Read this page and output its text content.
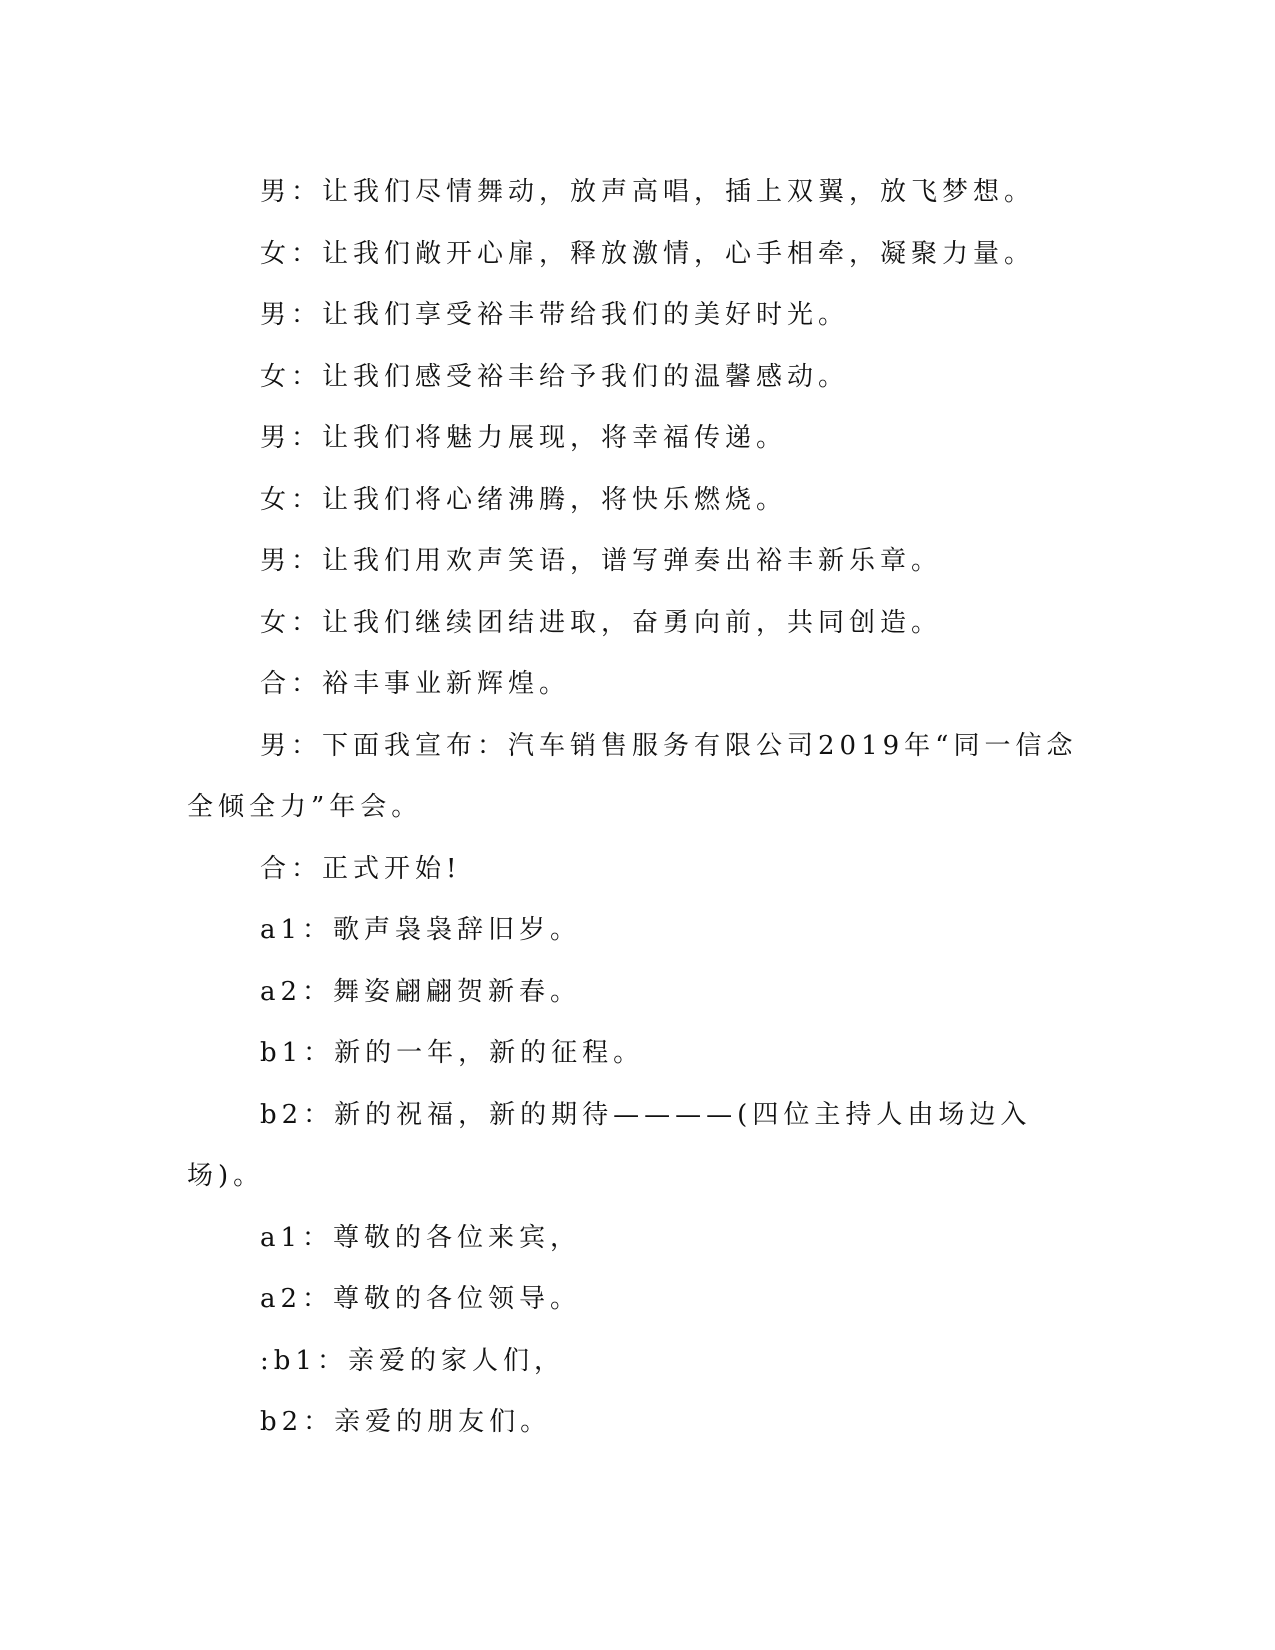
男：让我们尽情舞动，放声高唱，插上双翼，放飞梦想。

女：让我们敞开心扉，释放激情，心手相牵，凝聚力量。

男：让我们享受裕丰带给我们的美好时光。

女：让我们感受裕丰给予我们的温馨感动。

男：让我们将魅力展现，将幸福传递。

女：让我们将心绪沸腾，将快乐燃烧。

男：让我们用欢声笑语，谱写弹奏出裕丰新乐章。

女：让我们继续团结进取，奋勇向前，共同创造。

合：裕丰事业新辉煌。

男：下面我宣布：汽车销售服务有限公司2019年“同一信念全倾全力”年会。

合：正式开始!

a1：歌声袅袅辞旧岁。

a2：舞姿翩翩贺新春。

b1：新的一年，新的征程。

b2：新的祝福，新的期待————(四位主持人由场边入场)。

a1：尊敬的各位来宾，

a2：尊敬的各位领导。

:b1：亲爱的家人们，

b2：亲爱的朋友们。
